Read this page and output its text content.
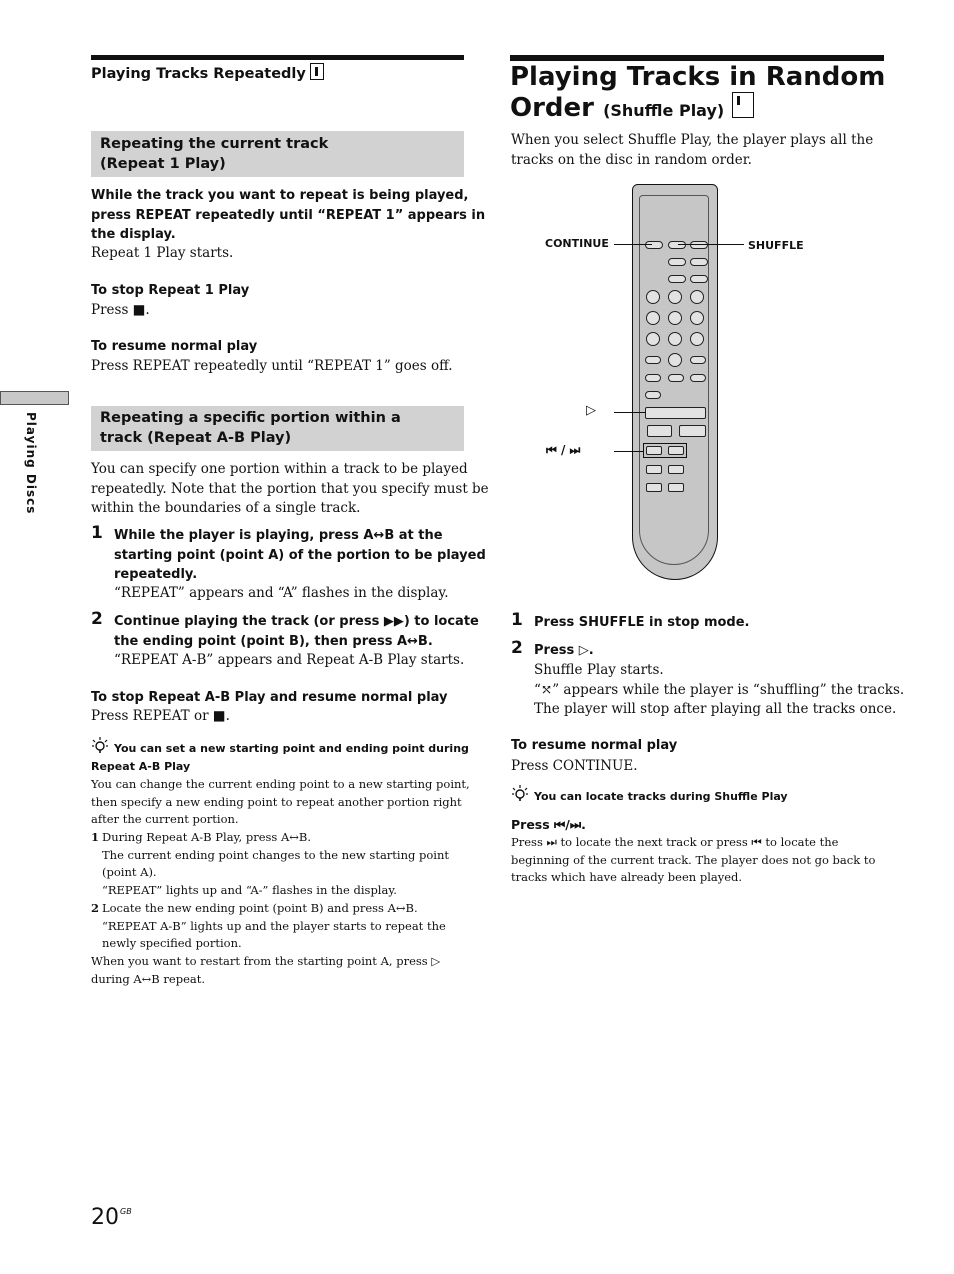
Playing Tracks Repeatedly
Repeating the current track
(Repeat 1 Play)
While the track you want to repeat is being played,
press REPEAT repeatedly until “REPEAT 1” appears in
the display.
Repeat 1 Play starts.
To stop Repeat 1 Play
Press ■.
To resume normal play
Press REPEAT repeatedly until “REPEAT 1” goes off.
Repeating a specific portion within a
track (Repeat A-B Play)
You can specify one portion within a track to be played
repeatedly. Note that the portion that you specify must be
within the boundaries of a single track.
1 While the player is playing, press A↔B at the
starting point (point A) of the portion to be played
repeatedly.
“REPEAT” appears and “A” flashes in the display.
2 Continue playing the track (or press ▶▶) to locate
the ending point (point B), then press A↔B.
“REPEAT A-B” appears and Repeat A-B Play starts.
To stop Repeat A-B Play and resume normal play
Press REPEAT or ■.
You can set a new starting point and ending point during
Repeat A-B Play
You can change the current ending point to a new starting point,
then specify a new ending point to repeat another portion right
after the current portion.
1 During Repeat A-B Play, press A↔B.
The current ending point changes to the new starting point
(point A).
“REPEAT” lights up and “A-” flashes in the display.
2 Locate the new ending point (point B) and press A↔B.
“REPEAT A-B” lights up and the player starts to repeat the
newly specified portion.
When you want to restart from the starting point A, press ▷
during A↔B repeat.
Playing Discs
$20^{GB}$
Playing Tracks in Random
Order (Shuffle Play)
When you select Shuffle Play, the player plays all the
tracks on the disc in random order.
CONTINUE	SHUFFLE
▷
⏮ / ⏭
1 Press SHUFFLE in stop mode.
2 Press ▷.
Shuffle Play starts.
“⤲” appears while the player is “shuffling” the tracks.
The player will stop after playing all the tracks once.
To resume normal play
Press CONTINUE.
You can locate tracks during Shuffle Play
Press ⏮/⏭.
Press ⏭ to locate the next track or press ⏮ to locate the
beginning of the current track. The player does not go back to
tracks which have already been played.
